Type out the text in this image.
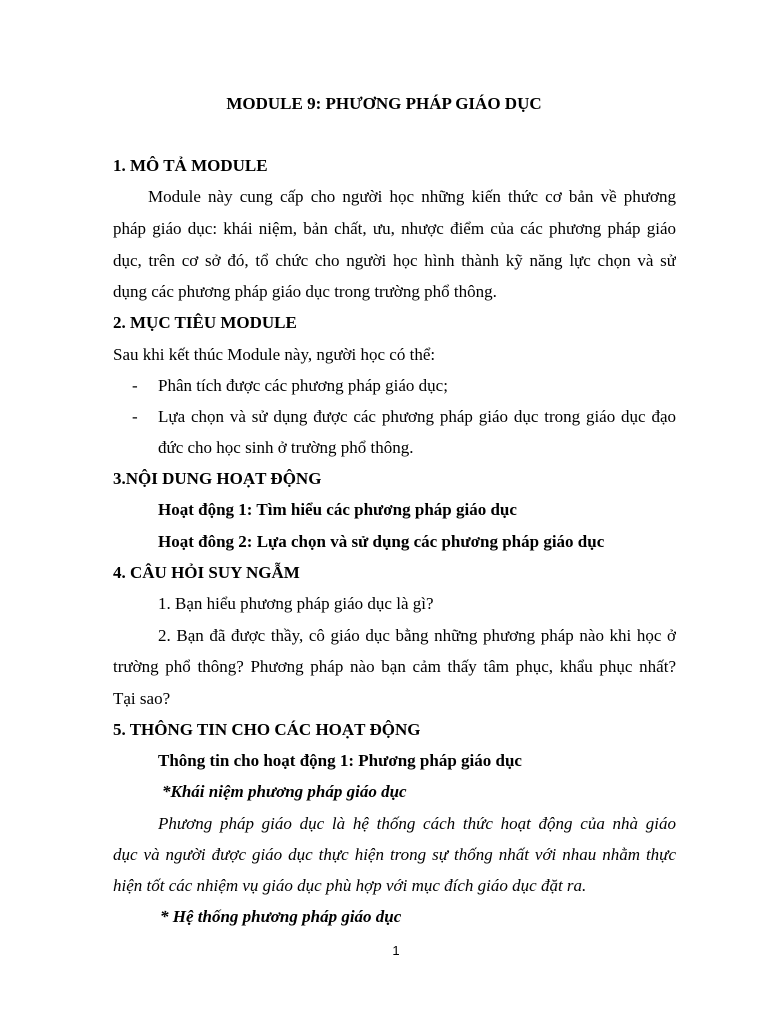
MODULE 9: PHƯƠNG PHÁP GIÁO DỤC
1. MÔ TẢ MODULE
Module này cung cấp cho người học những kiến thức cơ bản về phương
pháp giáo dục: khái niệm, bản chất, ưu, nhược điểm của các phương pháp giáo
dục, trên cơ sở đó, tổ chức cho người học hình thành kỹ năng lực chọn và sử
dụng các phương pháp giáo dục trong trường phổ thông.
2. MỤC TIÊU MODULE
Sau khi kết thúc Module này, người học có thể:
- Phân tích được các phương pháp giáo dục;
- Lựa chọn và sử dụng được các phương pháp giáo dục trong giáo dục đạo
đức cho học sinh ở trường phổ thông.
3.NỘI DUNG HOẠT ĐỘNG
Hoạt động 1: Tìm hiểu các phương pháp giáo dục
Hoạt đông 2: Lựa chọn và sử dụng các phương pháp giáo dục
4. CÂU HỎI SUY NGẪM
1. Bạn hiểu phương pháp giáo dục là gì?
2. Bạn đã được thầy, cô giáo dục bằng những phương pháp nào khi học ở
trường phổ thông? Phương pháp nào bạn cảm thấy tâm phục, khẩu phục nhất?
Tại sao?
5. THÔNG TIN CHO CÁC HOẠT ĐỘNG
Thông tin cho hoạt động 1: Phương pháp giáo dục
*Khái niệm phương pháp giáo dục
Phương pháp giáo dục là hệ thống cách thức hoạt động của nhà giáo
dục và người được giáo dục thực hiện trong sự thống nhất với nhau nhằm thực
hiện tốt các nhiệm vụ giáo dục phù hợp với mục đích giáo dục đặt ra.
* Hệ thống phương pháp giáo dục
1
